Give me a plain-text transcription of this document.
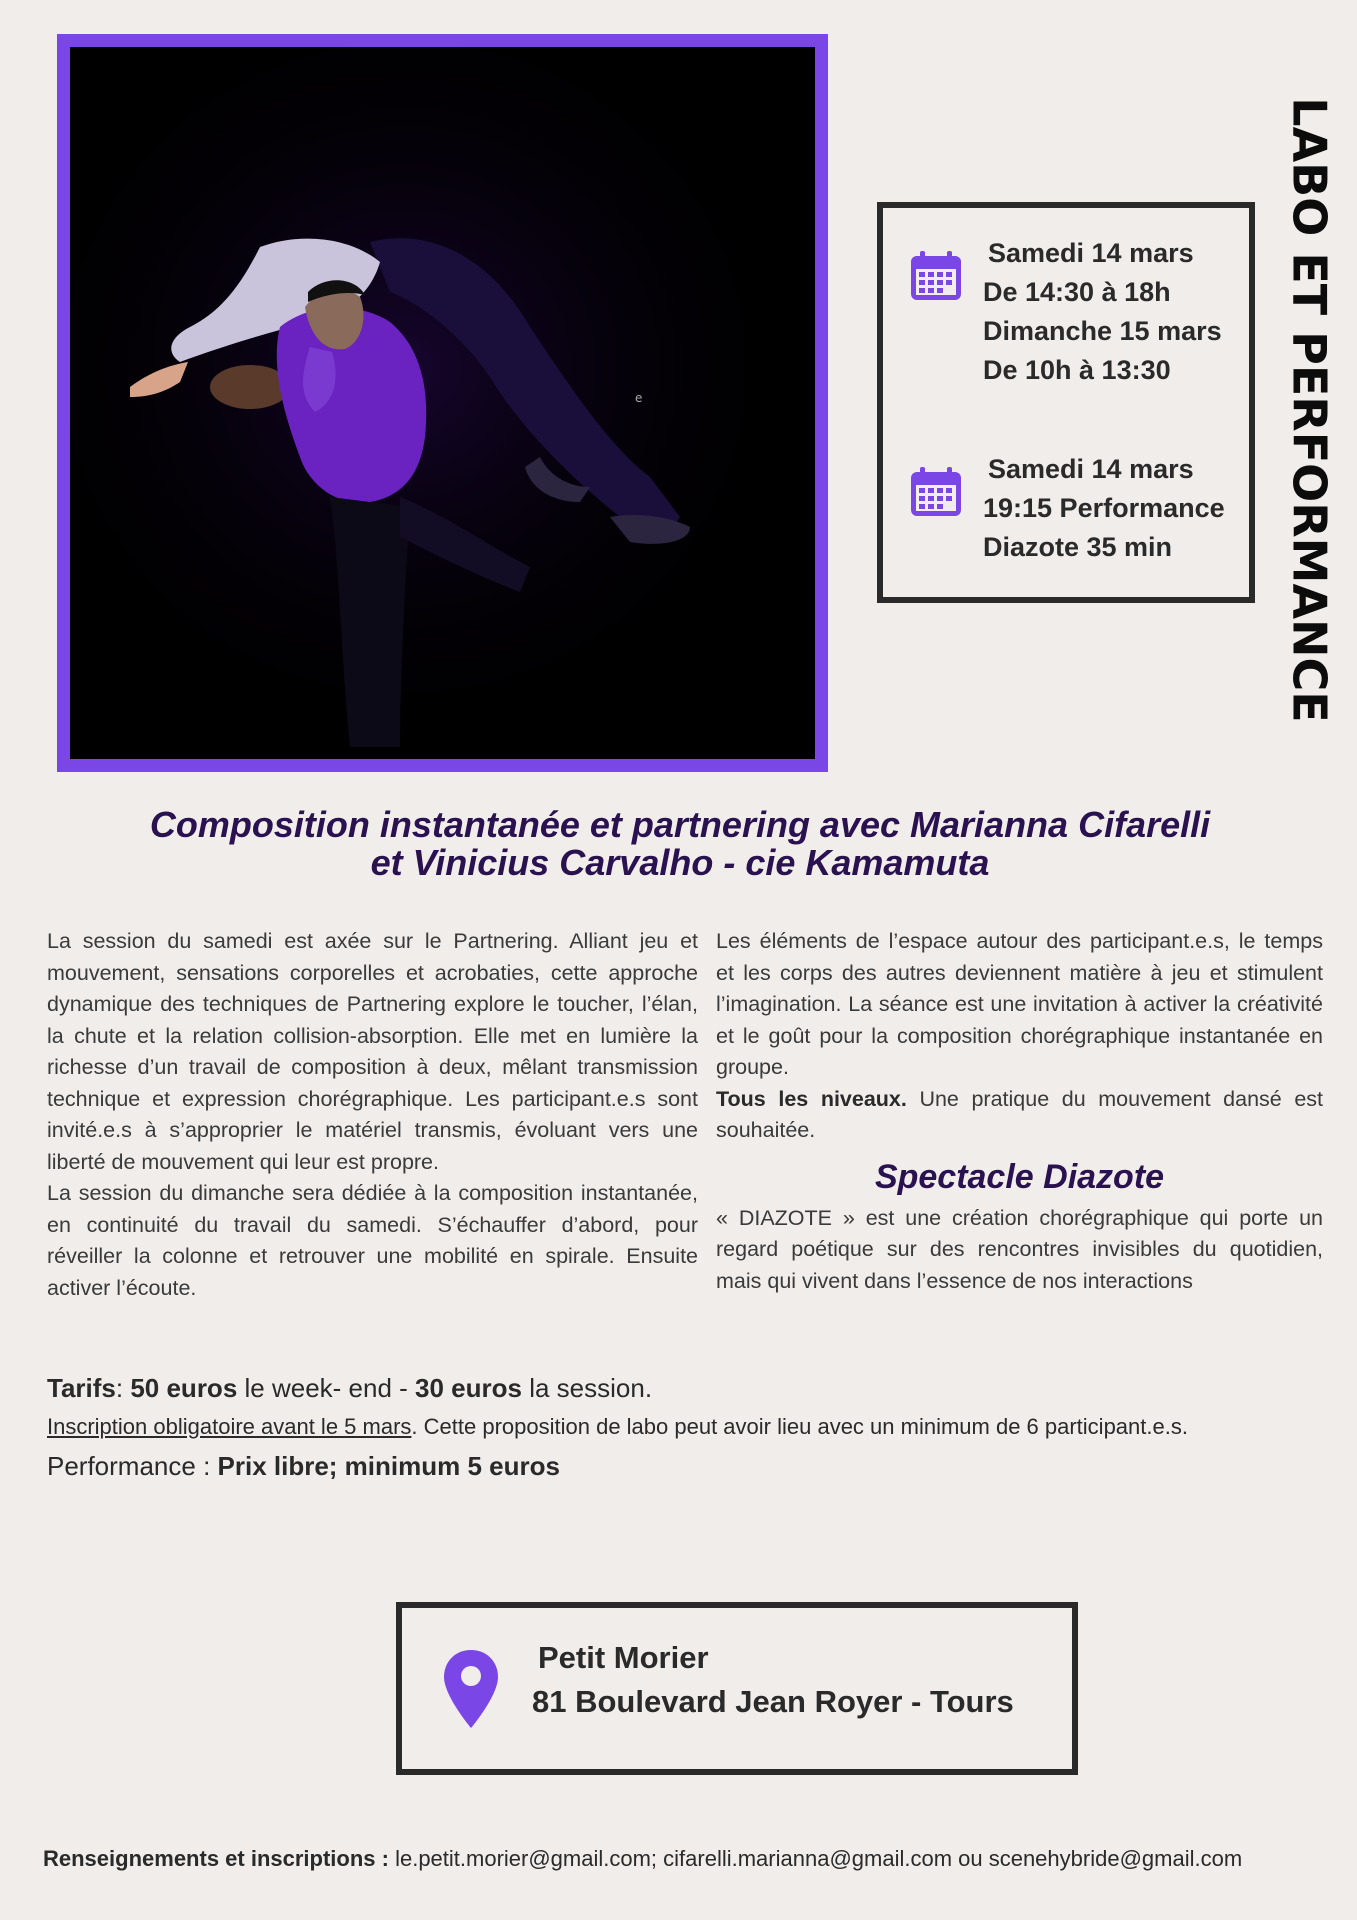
e	LABO ET PERFORMANCE
Samedi 14 mars
De 14:30 à 18h
Dimanche 15 mars
De 10h à 13:30
Samedi 14 mars
19:15 Performance
Diazote 35 min
Composition instantanée et partnering avec Marianna Cifarelli
et Vinicius Carvalho - cie Kamamuta

La session du samedi est axée sur le Partnering. Alliant jeu et mouvement, sensations corporelles et acrobaties, cette approche dynamique des techniques de Partnering explore le toucher, l’élan, la chute et la relation collision-absorption. Elle met en lumière la richesse d’un travail de composition à deux, mêlant transmission technique et expression chorégraphique. Les participant.e.s sont invité.e.s à s’approprier le matériel transmis, évoluant vers une liberté de mouvement qui leur est propre.

La session du dimanche sera dédiée à la composition instantanée, en continuité du travail du samedi. S’échauffer d’abord, pour réveiller la colonne et retrouver une mobilité en spirale. Ensuite activer l’écoute.

Les éléments de l’espace autour des participant.e.s, le temps et les corps des autres deviennent matière à jeu et stimulent l’imagination. La séance est une invitation à activer la créativité et le goût pour la composition chorégraphique instantanée en groupe.

Tous les niveaux. Une pratique du mouvement dansé est souhaitée.

Spectacle Diazote

« DIAZOTE » est une création chorégraphique qui porte un regard poétique sur des rencontres invisibles du quotidien, mais qui vivent dans l’essence de nos interactions

Tarifs: 50 euros le week- end - 30 euros la session.
Inscription obligatoire avant le 5 mars. Cette proposition de labo peut avoir lieu avec un minimum de 6 participant.e.s.
Performance : Prix libre; minimum 5 euros
Petit Morier
81 Boulevard Jean Royer - Tours
Renseignements et inscriptions : le.petit.morier@gmail.com; cifarelli.marianna@gmail.com ou scenehybride@gmail.com
